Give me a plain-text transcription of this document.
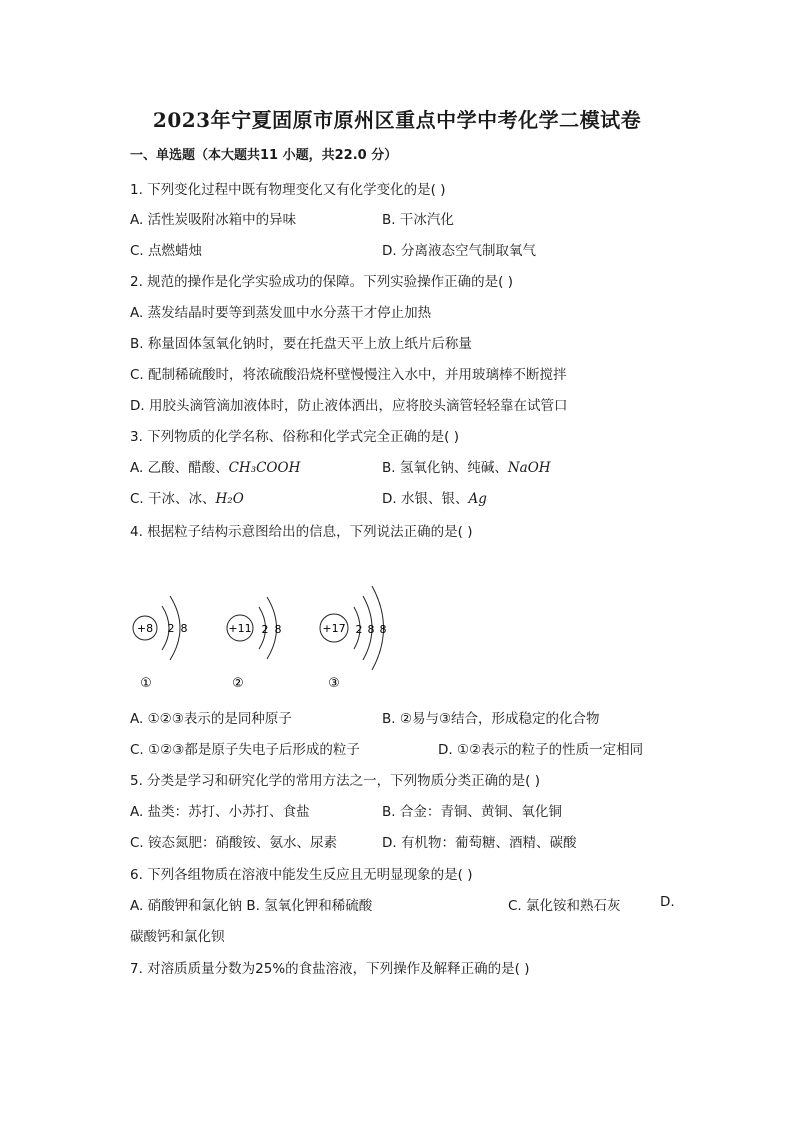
2023年宁夏固原市原州区重点中学中考化学二模试卷
一、单选题（本大题共11 小题，共22.0 分）
1. 下列变化过程中既有物理变化又有化学变化的是( )
A. 活性炭吸附冰箱中的异味	B. 干冰汽化
C. 点燃蜡烛	D. 分离液态空气制取氧气
2. 规范的操作是化学实验成功的保障。下列实验操作正确的是( )
A. 蒸发结晶时要等到蒸发皿中水分蒸干才停止加热
B. 称量固体氢氧化钠时，要在托盘天平上放上纸片后称量
C. 配制稀硫酸时，将浓硫酸沿烧杯壁慢慢注入水中，并用玻璃棒不断搅拌
D. 用胶头滴管滴加液体时，防止液体洒出，应将胶头滴管轻轻靠在试管口
3. 下列物质的化学名称、俗称和化学式完全正确的是( )
A. 乙酸、醋酸、CH₃COOH	B. 氢氧化钠、纯碱、NaOH
C. 干冰、冰、H₂O	D. 水银、银、Ag
4. 根据粒子结构示意图给出的信息，下列说法正确的是( )
+8 2 8
①
+11 2 8
②
+17 2 8 8
③
A. ①②③表示的是同种原子	B. ②易与③结合，形成稳定的化合物
C. ①②③都是原子失电子后形成的粒子	D. ①②表示的粒子的性质一定相同
5. 分类是学习和研究化学的常用方法之一，下列物质分类正确的是( )
A. 盐类：苏打、小苏打、食盐	B. 合金：青铜、黄铜、氧化铜
C. 铵态氮肥：硝酸铵、氨水、尿素	D. 有机物：葡萄糖、酒精、碳酸
6. 下列各组物质在溶液中能发生反应且无明显现象的是( )
A. 硝酸钾和氯化钠 B. 氢氧化钾和稀硫酸	C. 氯化铵和熟石灰	D.
碳酸钙和氯化钡
7. 对溶质质量分数为25%的食盐溶液，下列操作及解释正确的是( )
